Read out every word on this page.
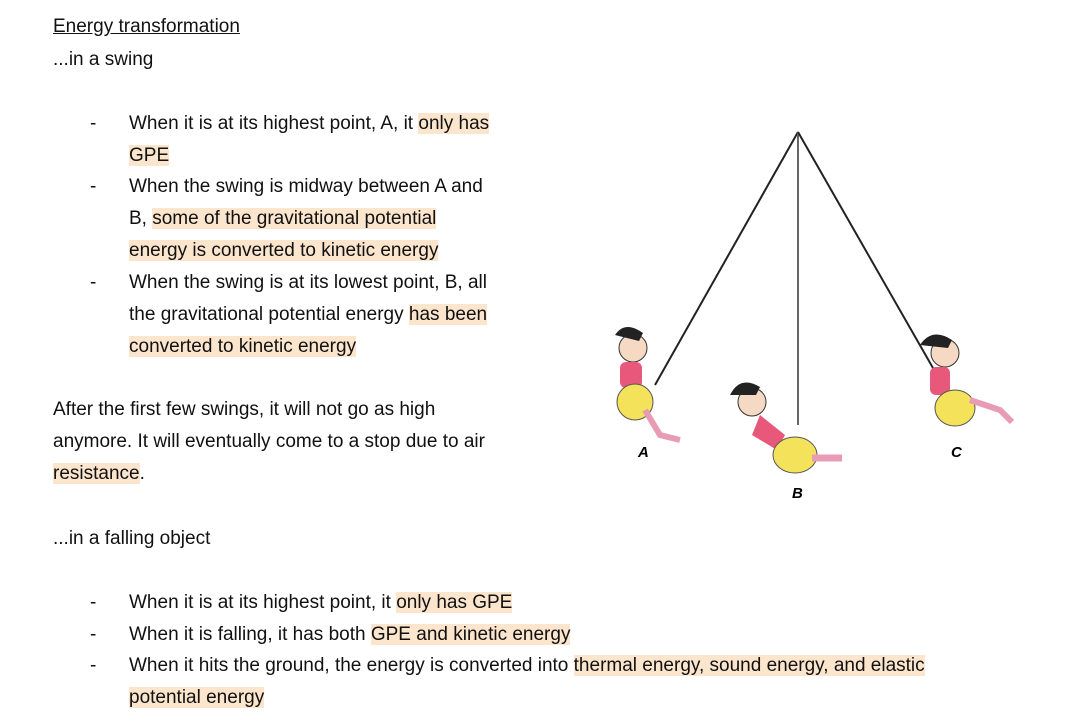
Energy transformation
...in a swing
- When it is at its highest point, A, it only has
GPE
- When the swing is midway between A and
B, some of the gravitational potential
energy is converted to kinetic energy
- When the swing is at its lowest point, B, all
the gravitational potential energy has been
converted to kinetic energy
After the first few swings, it will not go as high
anymore. It will eventually come to a stop due to air
resistance.
...in a falling object
- When it is at its highest point, it only has GPE
- When it is falling, it has both GPE and kinetic energy
- When it hits the ground, the energy is converted into thermal energy, sound energy, and elastic
potential energy
A
B
C
